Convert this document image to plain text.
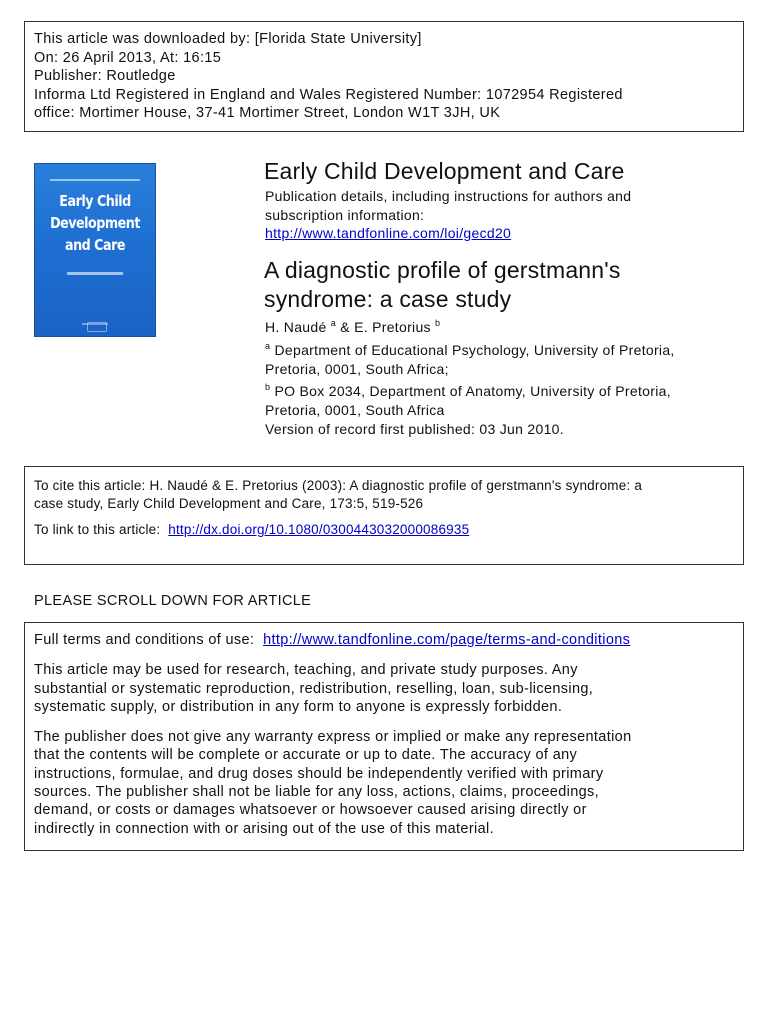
This article was downloaded by: [Florida State University]
On: 26 April 2013, At: 16:15
Publisher: Routledge
Informa Ltd Registered in England and Wales Registered Number: 1072954 Registered
office: Mortimer House, 37-41 Mortimer Street, London W1T 3JH, UK
Early Child
Development
and Care
Early Child Development and Care
Publication details, including instructions for authors and
subscription information:
http://www.tandfonline.com/loi/gecd20
A diagnostic profile of gerstmann's
syndrome: a case study
H. Naudé $^a$ & E. Pretorius $^b$
$^a$ Department of Educational Psychology, University of Pretoria,
Pretoria, 0001, South Africa;
$^b$ PO Box 2034, Department of Anatomy, University of Pretoria,
Pretoria, 0001, South Africa
Version of record first published: 03 Jun 2010.
To cite this article: H. Naudé & E. Pretorius (2003): A diagnostic profile of gerstmann's syndrome: a
case study, Early Child Development and Care, 173:5, 519-526
To link to this article: http://dx.doi.org/10.1080/0300443032000086935
PLEASE SCROLL DOWN FOR ARTICLE
Full terms and conditions of use: http://www.tandfonline.com/page/terms-and-conditions
This article may be used for research, teaching, and private study purposes. Any
substantial or systematic reproduction, redistribution, reselling, loan, sub-licensing,
systematic supply, or distribution in any form to anyone is expressly forbidden.
The publisher does not give any warranty express or implied or make any representation
that the contents will be complete or accurate or up to date. The accuracy of any
instructions, formulae, and drug doses should be independently verified with primary
sources. The publisher shall not be liable for any loss, actions, claims, proceedings,
demand, or costs or damages whatsoever or howsoever caused arising directly or
indirectly in connection with or arising out of the use of this material.
